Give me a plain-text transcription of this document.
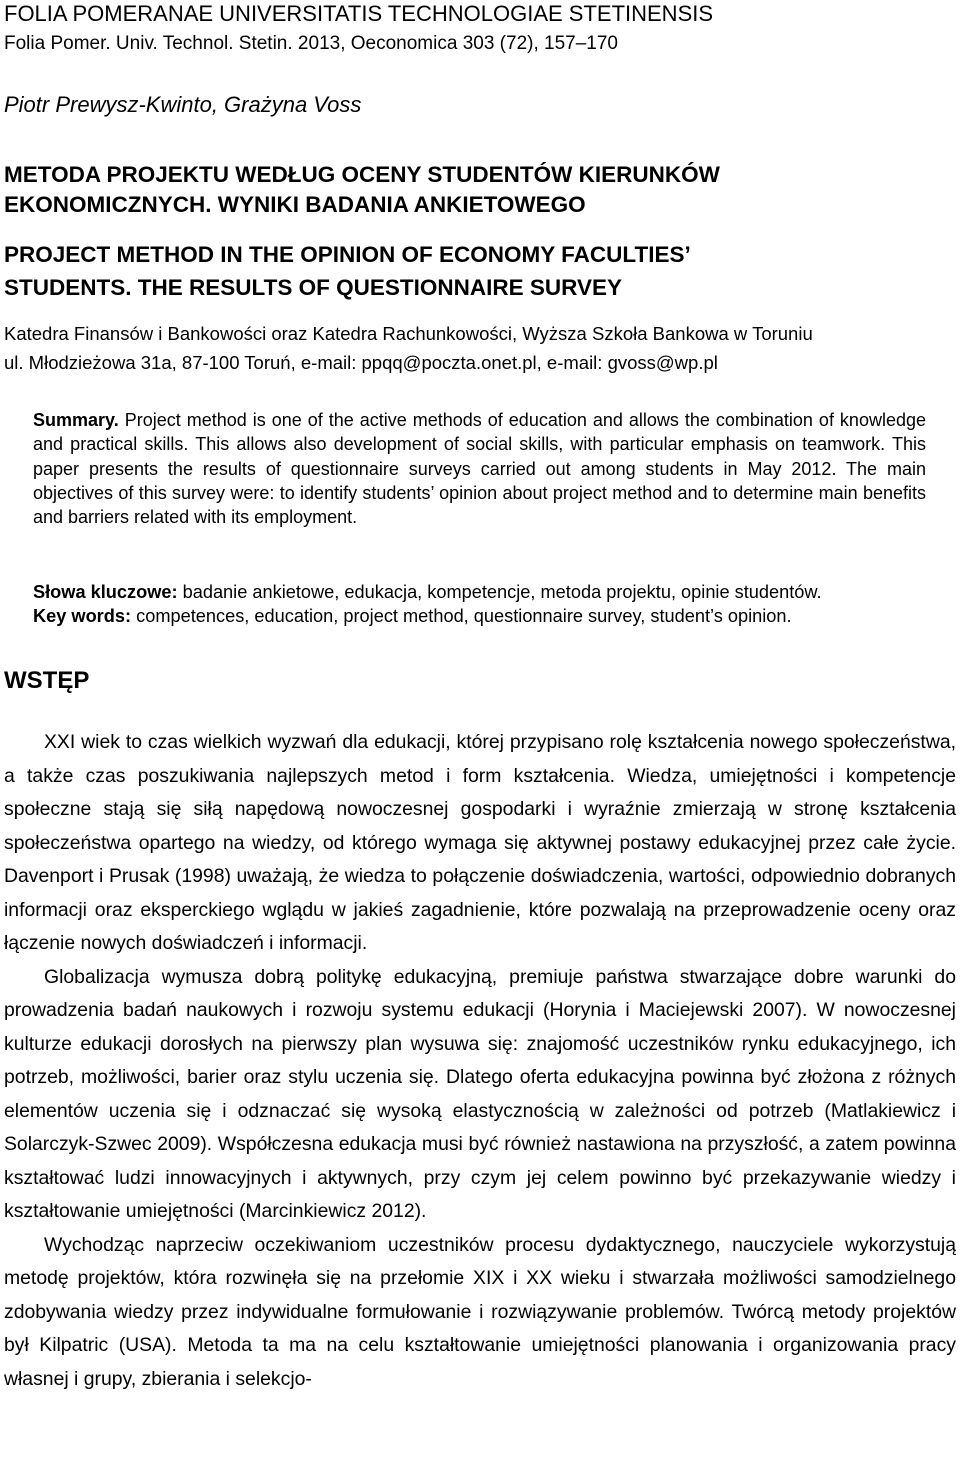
FOLIA POMERANAE UNIVERSITATIS TECHNOLOGIAE STETINENSIS
Folia Pomer. Univ. Technol. Stetin. 2013, Oeconomica 303 (72), 157–170
Piotr Prewysz-Kwinto, Grażyna Voss
METODA PROJEKTU WEDŁUG OCENY STUDENTÓW KIERUNKÓW
EKONOMICZNYCH. WYNIKI BADANIA ANKIETOWEGO
PROJECT METHOD IN THE OPINION OF ECONOMY FACULTIES’
STUDENTS. THE RESULTS OF QUESTIONNAIRE SURVEY
Katedra Finansów i Bankowości oraz Katedra Rachunkowości, Wyższa Szkoła Bankowa w Toruniu
ul. Młodzieżowa 31a, 87-100 Toruń, e-mail: ppqq@poczta.onet.pl, e-mail: gvoss@wp.pl
Summary. Project method is one of the active methods of education and allows the combination of knowledge and practical skills. This allows also development of social skills, with particular emphasis on teamwork. This paper presents the results of questionnaire surveys carried out among students in May 2012. The main objectives of this survey were: to identify students’ opinion about project method and to determine main benefits and barriers related with its employment.
Słowa kluczowe: badanie ankietowe, edukacja, kompetencje, metoda projektu, opinie studentów.
Key words: competences, education, project method, questionnaire survey, student’s opinion.
WSTĘP

XXI wiek to czas wielkich wyzwań dla edukacji, której przypisano rolę kształcenia nowego społeczeństwa, a także czas poszukiwania najlepszych metod i form kształcenia. Wiedza, umiejętności i kompetencje społeczne stają się siłą napędową nowoczesnej gospodarki i wyraźnie zmierzają w stronę kształcenia społeczeństwa opartego na wiedzy, od którego wymaga się aktywnej postawy edukacyjnej przez całe życie. Davenport i Prusak (1998) uważają, że wiedza to połączenie doświadczenia, wartości, odpowiednio dobranych informacji oraz eksperckiego wglądu w jakieś zagadnienie, które pozwalają na przeprowadzenie oceny oraz łączenie nowych doświadczeń i informacji.

Globalizacja wymusza dobrą politykę edukacyjną, premiuje państwa stwarzające dobre warunki do prowadzenia badań naukowych i rozwoju systemu edukacji (Horynia i Maciejewski 2007). W nowoczesnej kulturze edukacji dorosłych na pierwszy plan wysuwa się: znajomość uczestników rynku edukacyjnego, ich potrzeb, możliwości, barier oraz stylu uczenia się. Dlatego oferta edukacyjna powinna być złożona z różnych elementów uczenia się i odznaczać się wysoką elastycznością w zależności od potrzeb (Matlakiewicz i Solarczyk-Szwec 2009). Współczesna edukacja musi być również nastawiona na przyszłość, a zatem powinna kształtować ludzi innowacyjnych i aktywnych, przy czym jej celem powinno być przekazywanie wiedzy i kształtowanie umiejętności (Marcinkiewicz 2012).

Wychodząc naprzeciw oczekiwaniom uczestników procesu dydaktycznego, nauczyciele wykorzystują metodę projektów, która rozwinęła się na przełomie XIX i XX wieku i stwarzała możliwości samodzielnego zdobywania wiedzy przez indywidualne formułowanie i rozwiązywanie problemów. Twórcą metody projektów był Kilpatric (USA). Metoda ta ma na celu kształtowanie umiejętności planowania i organizowania pracy własnej i grupy, zbierania i selekcjo-
